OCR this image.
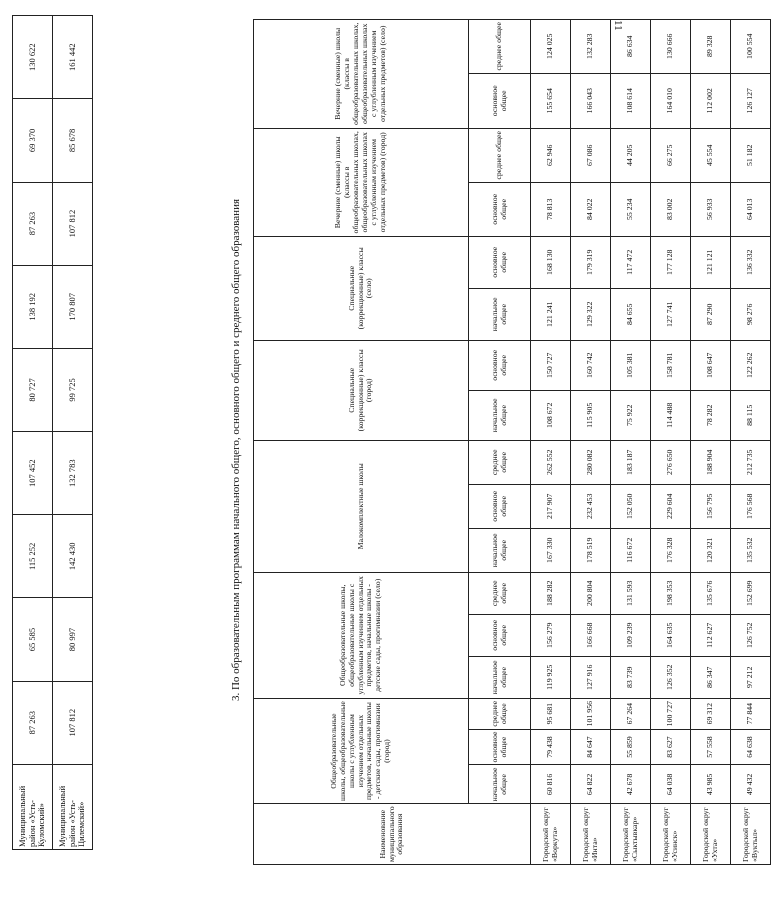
11
Муниципальный район «Усть-Куломский»	87 263	65 585	115 252	107 452	80 727	138 192	87 263	69 370	130 622
Муниципальный район «Усть-Цилемский»	107 812	80 997	142 430	132 783	99 725	170 807	107 812	85 678	161 442
3. По образовательным программам начального общего, основного общего и среднего общего образования
Наименование муниципального образования	Общеобразовательные школы, общеобразовательные школы с углубленным изучением отдельных предметов, начальные школы - детские сады, прогимназии (город)			Общеобразовательные школы, общеобразовательные школы с углубленным изучением отдельных предметов, начальные школы - детские сады, прогимназии (село)			Малокомплектные школы			Специальные (коррекционные) классы (город)		Специальные (коррекционные) классы (село)		Вечерние (сменные) школы (классы в общеобразовательных школах, общеобразовательных школах с углубленным изучением отдельных предметов) (город)		Вечерние (сменные) школы (классы в общеобразовательных школах, общеобразовательных школах с углубленным изучением отдельных предметов) (село)	
	начальное общее	основное общее	среднее общее	начальное общее	основное общее	среднее общее	начальное общее	основное общее	среднее общее	начальное общее	основное общее	начальное общее	основное общее	основное общее	среднее общее	основное общее	среднее общее
Городской округ «Воркута»	60 816	79 438	95 681	119 925	156 279	188 282	167 330	217 907	262 552	108 672	150 727	121 241	168 130	78 813	62 946	155 654	124 025
Городской округ «Инта»	64 822	84 647	101 956	127 916	166 668	200 804	178 519	232 453	280 082	115 905	160 742	129 322	179 319	84 022	67 086	166 043	132 283
Городской округ «Сыктывкар»	42 678	55 859	67 264	83 739	109 239	131 593	116 672	152 050	183 187	75 922	105 381	84 655	117 472	55 234	44 205	108 614	86 634
Городской округ «Усинск»	64 038	83 627	100 727	126 352	164 635	198 353	176 328	229 604	276 650	114 488	158 781	127 741	177 128	83 002	66 275	164 010	130 666
Городской округ «Ухта»	43 985	57 558	69 312	86 347	112 627	135 676	120 321	156 795	188 904	78 282	108 647	87 290	121 121	56 933	45 554	112 002	89 328
Городской округ «Вуктыл»	49 432	64 638	77 844	97 212	126 752	152 699	135 532	176 568	212 735	88 115	122 262	98 276	136 332	64 013	51 182	126 127	100 554
